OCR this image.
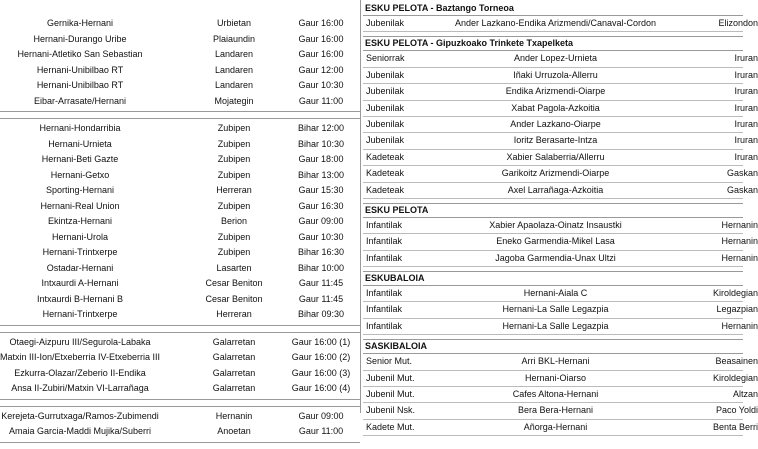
Gernika-Hernani	Urbietan	Gaur 16:00
Hernani-Durango Uribe	Plaiaundin	Gaur 16:00
Hernani-Atletiko San Sebastian	Landaren	Gaur 16:00
Hernani-Unibilbao RT	Landaren	Gaur 12:00
Hernani-Unibilbao RT	Landaren	Gaur 10:30
Eibar-Arrasate/Hernani	Mojategin	Gaur 11:00
Hernani-Hondarribia	Zubipen	Bihar 12:00
Hernani-Urnieta	Zubipen	Bihar 10:30
Hernani-Beti Gazte	Zubipen	Gaur 18:00
Hernani-Getxo	Zubipen	Bihar 13:00
Sporting-Hernani	Herreran	Gaur 15:30
Hernani-Real Union	Zubipen	Gaur 16:30
Ekintza-Hernani	Berion	Gaur 09:00
Hernani-Urola	Zubipen	Gaur 10:30
Hernani-Trintxerpe	Zubipen	Bihar 16:30
Ostadar-Hernani	Lasarten	Bihar 10:00
Intxaurdi A-Hernani	Cesar Beniton	Gaur 11:45
Intxaurdi B-Hernani B	Cesar Beniton	Gaur 11:45
Hernani-Trintxerpe	Herreran	Bihar 09:30
Otaegi-Aizpuru III/Segurola-Labaka	Galarretan	Gaur 16:00 (1)
Matxin III-Ion/Etxeberria IV-Etxeberria III	Galarretan	Gaur 16:00 (2)
Ezkurra-Olazar/Zeberio II-Endika	Galarretan	Gaur 16:00 (3)
Ansa II-Zubiri/Matxin VI-Larrañaga	Galarretan	Gaur 16:00 (4)
Kerejeta-Gurrutxaga/Ramos-Zubimendi	Hernanin	Gaur 09:00
Amaia Garcia-Maddi Mujika/Suberri	Anoetan	Gaur 11:00
ESKU PELOTA - Baztango Torneoa
Jubenilak	Ander Lazkano-Endika Arizmendi/Canaval-Cordon	Elizondon
ESKU PELOTA - Gipuzkoako Trinkete Txapelketa
Seniorrak	Ander Lopez-Urnieta	Iruran
Jubenilak	Iñaki Urruzola-Allerru	Iruran
Jubenilak	Endika Arizmendi-Oiarpe	Iruran
Jubenilak	Xabat Pagola-Azkoitia	Iruran
Jubenilak	Ander Lazkano-Oiarpe	Iruran
Jubenilak	Ioritz Berasarte-Intza	Iruran
Kadeteak	Xabier Salaberria/Allerru	Iruran
Kadeteak	Garikoitz Arizmendi-Oiarpe	Gaskan
Kadeteak	Axel Larrañaga-Azkoitia	Gaskan
ESKU PELOTA
Infantilak	Xabier Apaolaza-Oinatz Insaustki	Hernanin
Infantilak	Eneko Garmendia-Mikel Lasa	Hernanin
Infantilak	Jagoba Garmendia-Unax Ultzi	Hernanin
ESKUBALOIA
Infantilak	Hernani-Aiala C	Kiroldegian
Infantilak	Hernani-La Salle Legazpia	Legazpian
Infantilak	Hernani-La Salle Legazpia	Hernanin
SASKIBALOIA
Senior Mut.	Arri BKL-Hernani	Beasainen
Jubenil Mut.	Hernani-Oiarso	Kiroldegian
Jubenil Mut.	Cafes Altona-Hernani	Altzan
Jubenil Nsk.	Bera Bera-Hernani	Paco Yoldi
Kadete Mut.	Añorga-Hernani	Benta Berri
